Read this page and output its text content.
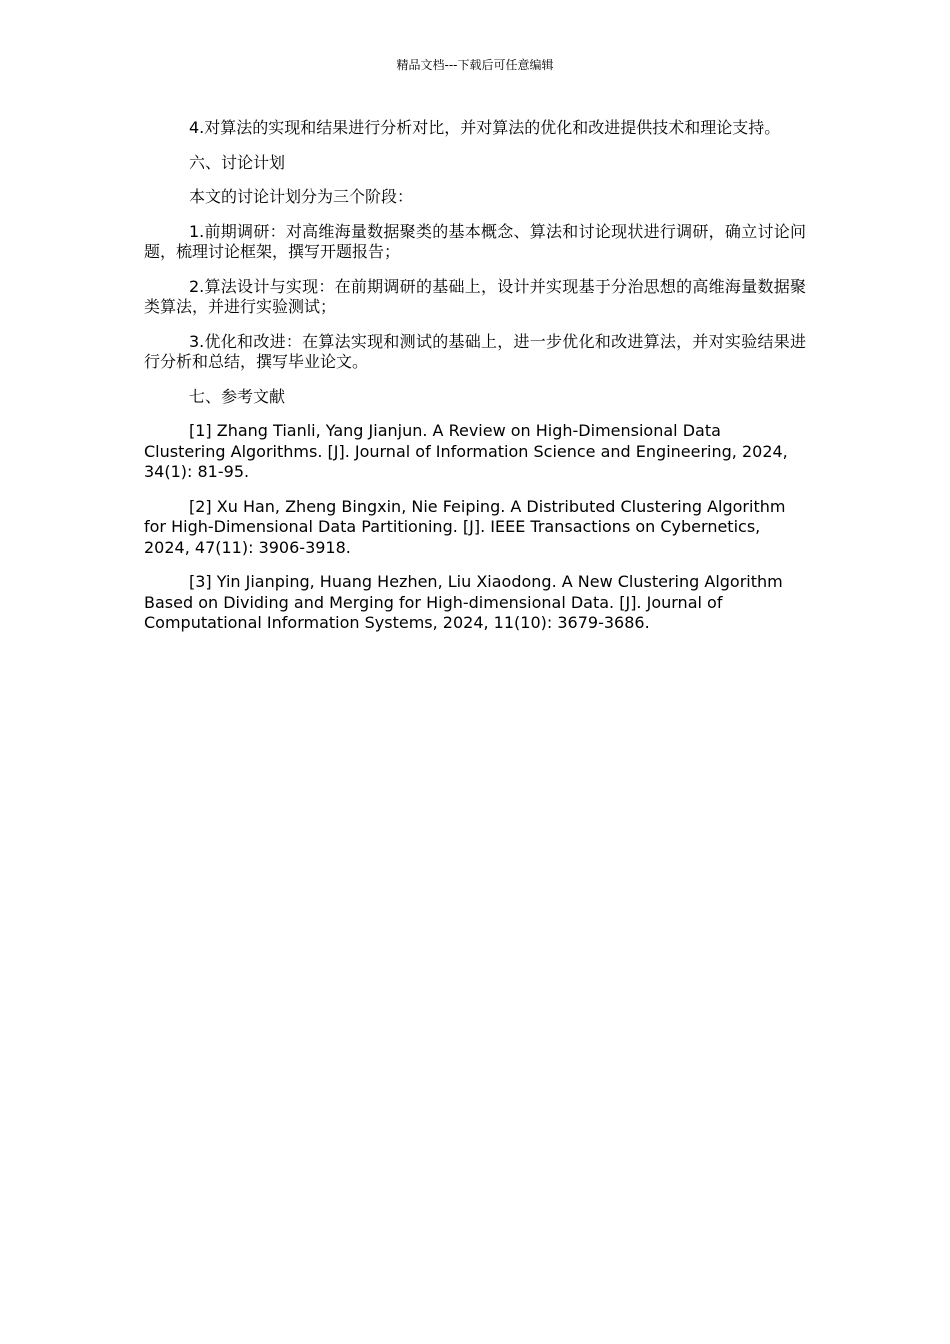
精品文档---下载后可任意编辑

4.对算法的实现和结果进行分析对比，并对算法的优化和改进提供技术和理论支持。

六、讨论计划

本文的讨论计划分为三个阶段：

1.前期调研：对高维海量数据聚类的基本概念、算法和讨论现状进行调研，确立讨论问题，梳理讨论框架，撰写开题报告；

2.算法设计与实现：在前期调研的基础上，设计并实现基于分治思想的高维海量数据聚类算法，并进行实验测试；

3.优化和改进：在算法实现和测试的基础上，进一步优化和改进算法，并对实验结果进行分析和总结，撰写毕业论文。

七、参考文献

[1] Zhang Tianli, Yang Jianjun. A Review on High-Dimensional Data Clustering Algorithms. [J]. Journal of Information Science and Engineering, 2024, 34(1): 81-95.

[2] Xu Han, Zheng Bingxin, Nie Feiping. A Distributed Clustering Algorithm for High-Dimensional Data Partitioning. [J]. IEEE Transactions on Cybernetics, 2024, 47(11): 3906-3918.

[3] Yin Jianping, Huang Hezhen, Liu Xiaodong. A New Clustering Algorithm Based on Dividing and Merging for High-dimensional Data. [J]. Journal of Computational Information Systems, 2024, 11(10): 3679-3686.
